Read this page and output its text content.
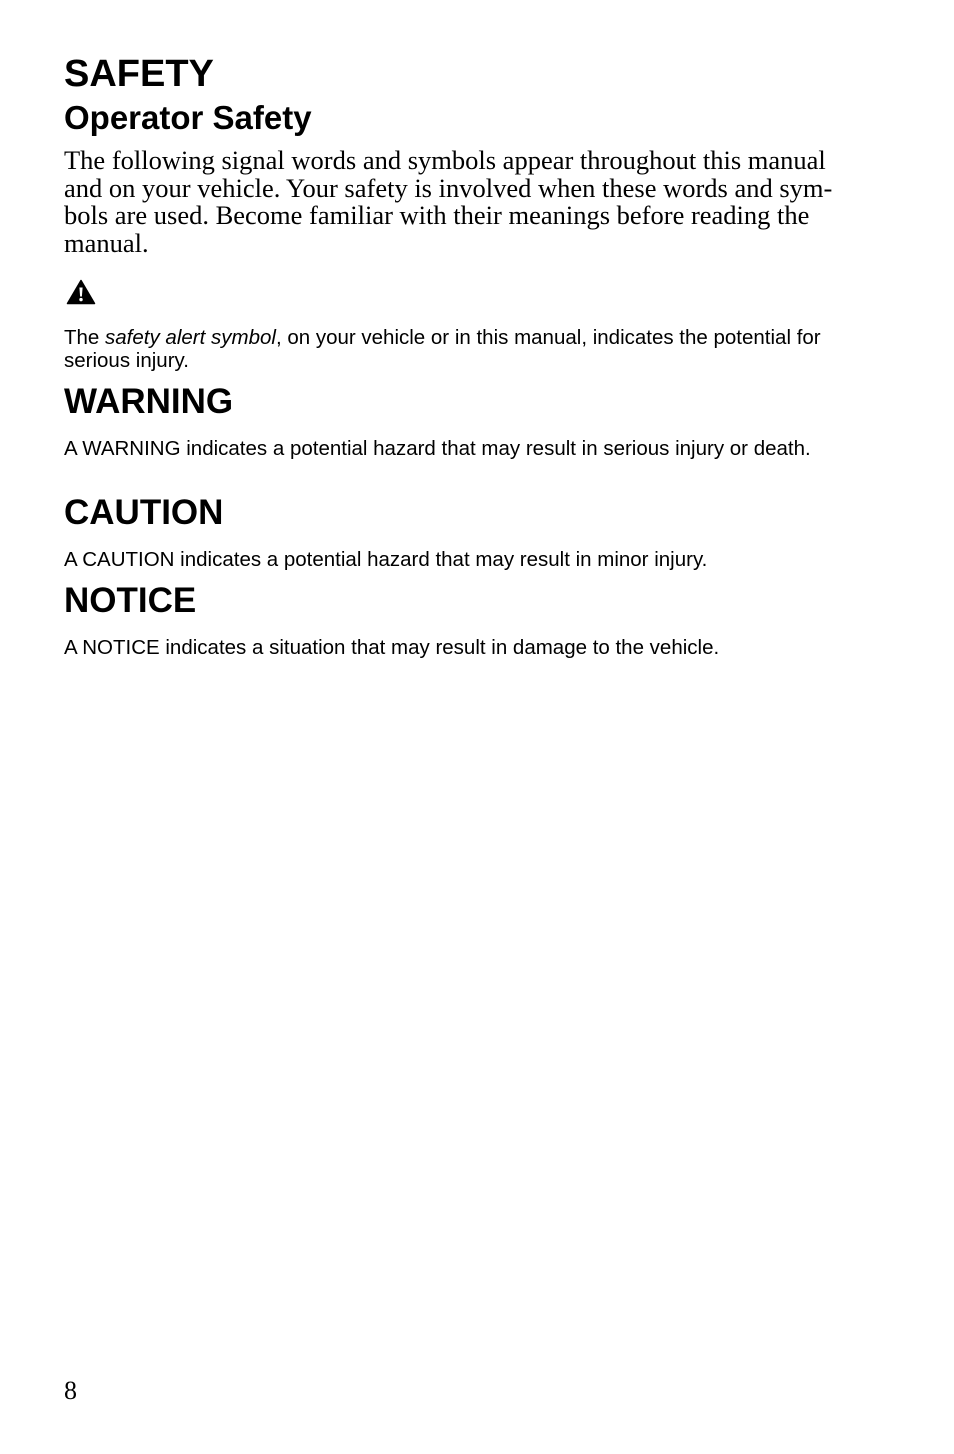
SAFETY
Operator Safety

The following signal words and symbols appear throughout this manual and on your vehicle. Your safety is involved when these words and symbols are used. Become familiar with their meanings before reading the manual.

The safety alert symbol, on your vehicle or in this manual, indicates the potential for serious injury.

WARNING

A WARNING indicates a potential hazard that may result in serious injury or death.

CAUTION

A CAUTION indicates a potential hazard that may result in minor injury.

NOTICE

A NOTICE indicates a situation that may result in damage to the vehicle.

8
